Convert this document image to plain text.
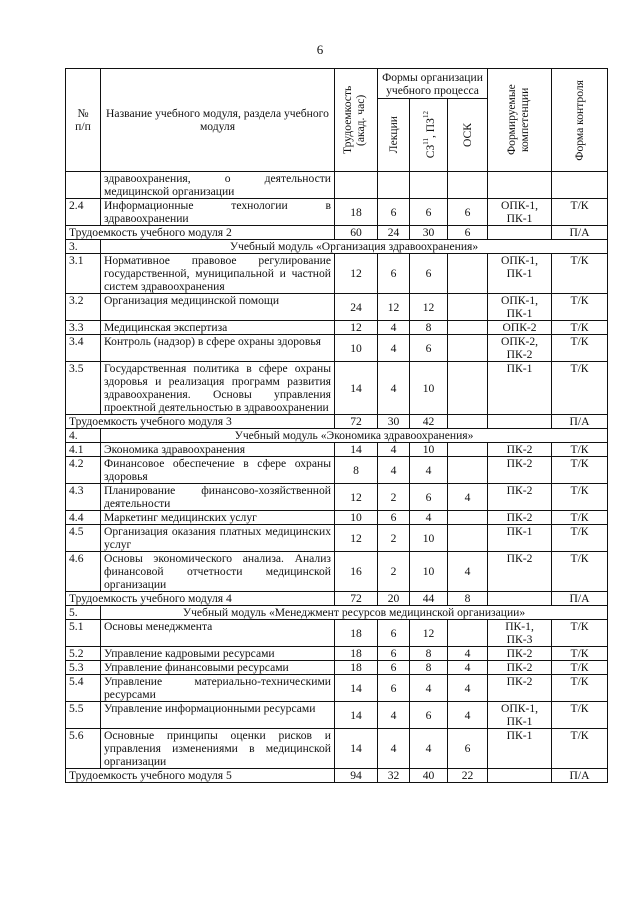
6
№
п/п	Название учебного модуля, раздела учебного модуля	Трудоемкость (акад. час)	Формы организации учебного процесса			Формируемые компетенции	Форма контроля

			Лекции	СЗ$^{11}$, ПЗ$^{12}$	ОСК		

	здравоохранения, о деятельности медицинской организации						
2.4	Информационные технологии в здравоохранении	18	6	6	6	ОПК-1, ПК-1	Т/К
Трудоемкость учебного модуля 2		60	24	30	6		П/А
3.	Учебный модуль «Организация здравоохранения»						
3.1	Нормативное правовое регулирование государственной, муниципальной и частной систем здравоохранения	12	6	6		ОПК-1, ПК-1	Т/К
3.2	Организация медицинской помощи	24	12	12		ОПК-1, ПК-1	Т/К
3.3	Медицинская экспертиза	12	4	8		ОПК-2	Т/К
3.4	Контроль (надзор) в сфере охраны здоровья	10	4	6		ОПК-2, ПК-2	Т/К
3.5	Государственная политика в сфере охраны здоровья и реализация программ развития здравоохранения. Основы управления проектной деятельностью в здравоохранении	14	4	10		ПК-1	Т/К
Трудоемкость учебного модуля 3		72	30	42			П/А
4.	Учебный модуль «Экономика здравоохранения»						
4.1	Экономика здравоохранения	14	4	10		ПК-2	Т/К
4.2	Финансовое обеспечение в сфере охраны здоровья	8	4	4		ПК-2	Т/К
4.3	Планирование финансово-хозяйственной деятельности	12	2	6	4	ПК-2	Т/К
4.4	Маркетинг медицинских услуг	10	6	4		ПК-2	Т/К
4.5	Организация оказания платных медицинских услуг	12	2	10		ПК-1	Т/К
4.6	Основы экономического анализа. Анализ финансовой отчетности медицинской организации	16	2	10	4	ПК-2	Т/К
Трудоемкость учебного модуля 4		72	20	44	8		П/А
5.	Учебный модуль «Менеджмент ресурсов медицинской организации»						
5.1	Основы менеджмента	18	6	12		ПК-1, ПК-3	Т/К
5.2	Управление кадровыми ресурсами	18	6	8	4	ПК-2	Т/К
5.3	Управление финансовыми ресурсами	18	6	8	4	ПК-2	Т/К
5.4	Управление материально-техническими ресурсами	14	6	4	4	ПК-2	Т/К
5.5	Управление информационными ресурсами	14	4	6	4	ОПК-1, ПК-1	Т/К
5.6	Основные принципы оценки рисков и управления изменениями в медицинской организации	14	4	4	6	ПК-1	Т/К
Трудоемкость учебного модуля 5		94	32	40	22		П/А
